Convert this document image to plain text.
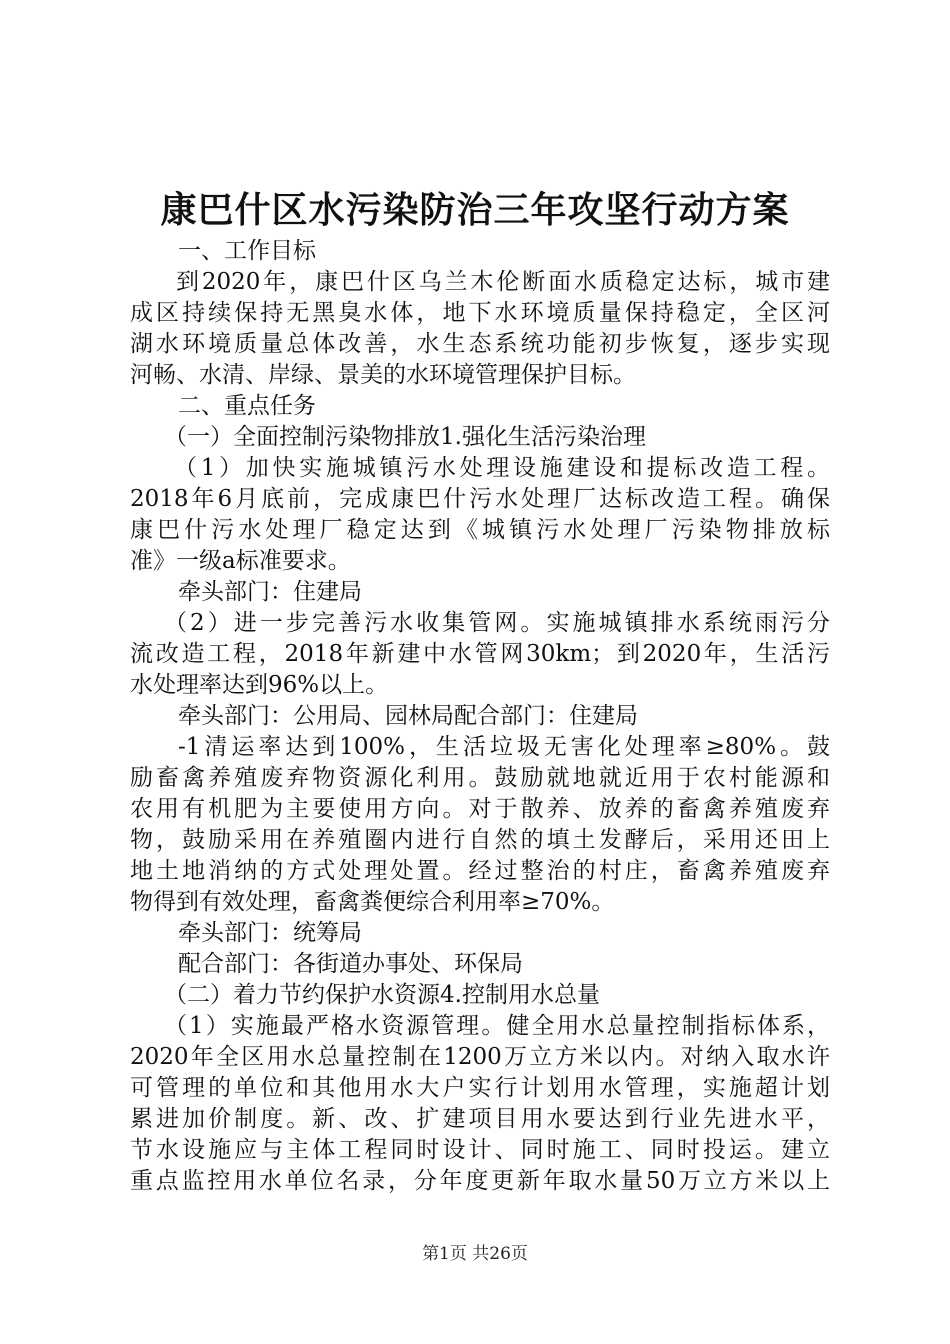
康巴什区水污染防治三年攻坚行动方案
一、工作目标
到2020年，康巴什区乌兰木伦断面水质稳定达标，城市建
成区持续保持无黑臭水体，地下水环境质量保持稳定，全区河
湖水环境质量总体改善，水生态系统功能初步恢复，逐步实现
河畅、水清、岸绿、景美的水环境管理保护目标。
二、重点任务
（一）全面控制污染物排放1.强化生活污染治理
（1）加快实施城镇污水处理设施建设和提标改造工程。
2018年6月底前，完成康巴什污水处理厂达标改造工程。确保
康巴什污水处理厂稳定达到《城镇污水处理厂污染物排放标
准》一级a标准要求。
牵头部门：住建局
（2）进一步完善污水收集管网。实施城镇排水系统雨污分
流改造工程，2018年新建中水管网30km；到2020年，生活污
水处理率达到96%以上。
牵头部门：公用局、园林局配合部门：住建局
-1清运率达到100%，生活垃圾无害化处理率≥80%。鼓
励畜禽养殖废弃物资源化利用。鼓励就地就近用于农村能源和
农用有机肥为主要使用方向。对于散养、放养的畜禽养殖废弃
物，鼓励采用在养殖圈内进行自然的填土发酵后，采用还田上
地土地消纳的方式处理处置。经过整治的村庄，畜禽养殖废弃
物得到有效处理，畜禽粪便综合利用率≥70%。
牵头部门：统筹局
配合部门：各街道办事处、环保局
（二）着力节约保护水资源4.控制用水总量
（1）实施最严格水资源管理。健全用水总量控制指标体系，
2020年全区用水总量控制在1200万立方米以内。对纳入取水许
可管理的单位和其他用水大户实行计划用水管理，实施超计划
累进加价制度。新、改、扩建项目用水要达到行业先进水平，
节水设施应与主体工程同时设计、同时施工、同时投运。建立
重点监控用水单位名录，分年度更新年取水量50万立方米以上
第1页 共26页
